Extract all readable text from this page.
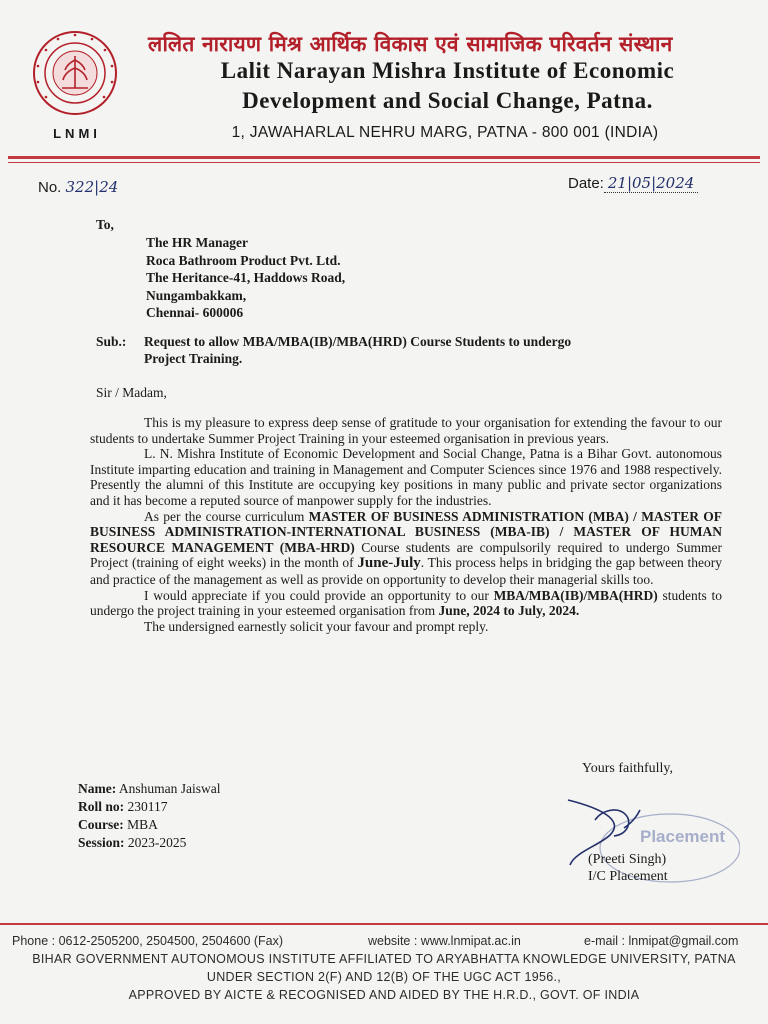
LNMI
ललित नारायण मिश्र आर्थिक विकास एवं सामाजिक परिवर्तन संस्थान
Lalit Narayan Mishra Institute of Economic
Development and Social Change, Patna.
1, JAWAHARLAL NEHRU MARG, PATNA - 800 001 (INDIA)
No. 322|24	Date: 21|05|2024
To,
The HR Manager
Roca Bathroom Product Pvt. Ltd.
The Heritance-41, Haddows Road,
Nungambakkam,
Chennai- 600006
Sub.: Request to allow MBA/MBA(IB)/MBA(HRD) Course Students to undergo
Project Training.
Sir / Madam,

This is my pleasure to express deep sense of gratitude to your organisation for extending the favour to our students to undertake Summer Project Training in your esteemed organisation in previous years.

L. N. Mishra Institute of Economic Development and Social Change, Patna is a Bihar Govt. autonomous Institute imparting education and training in Management and Computer Sciences since 1976 and 1988 respectively. Presently the alumni of this Institute are occupying key positions in many public and private sector organizations and it has become a reputed source of manpower supply for the industries.

As per the course curriculum MASTER OF BUSINESS ADMINISTRATION (MBA) / MASTER OF BUSINESS ADMINISTRATION-INTERNATIONAL BUSINESS (MBA-IB) / MASTER OF HUMAN RESOURCE MANAGEMENT (MBA-HRD) Course students are compulsorily required to undergo Summer Project (training of eight weeks) in the month of June-July. This process helps in bridging the gap between theory and practice of the management as well as provide on opportunity to develop their managerial skills too.

I would appreciate if you could provide an opportunity to our MBA/MBA(IB)/MBA(HRD) students to undergo the project training in your esteemed organisation from June, 2024 to July, 2024.

The undersigned earnestly solicit your favour and prompt reply.

Name: Anshuman Jaiswal
Roll no: 230117
Course: MBA
Session: 2023-2025
Yours faithfully,
Placement
(Preeti Singh)
I/C Placement
Phone : 0612-2505200, 2504500, 2504600 (Fax)	website : www.lnmipat.ac.in	e-mail : lnmipat@gmail.com
BIHAR GOVERNMENT AUTONOMOUS INSTITUTE AFFILIATED TO ARYABHATTA KNOWLEDGE UNIVERSITY, PATNA
UNDER SECTION 2(F) AND 12(B) OF THE UGC ACT 1956.,
APPROVED BY AICTE & RECOGNISED AND AIDED BY THE H.R.D., GOVT. OF INDIA
